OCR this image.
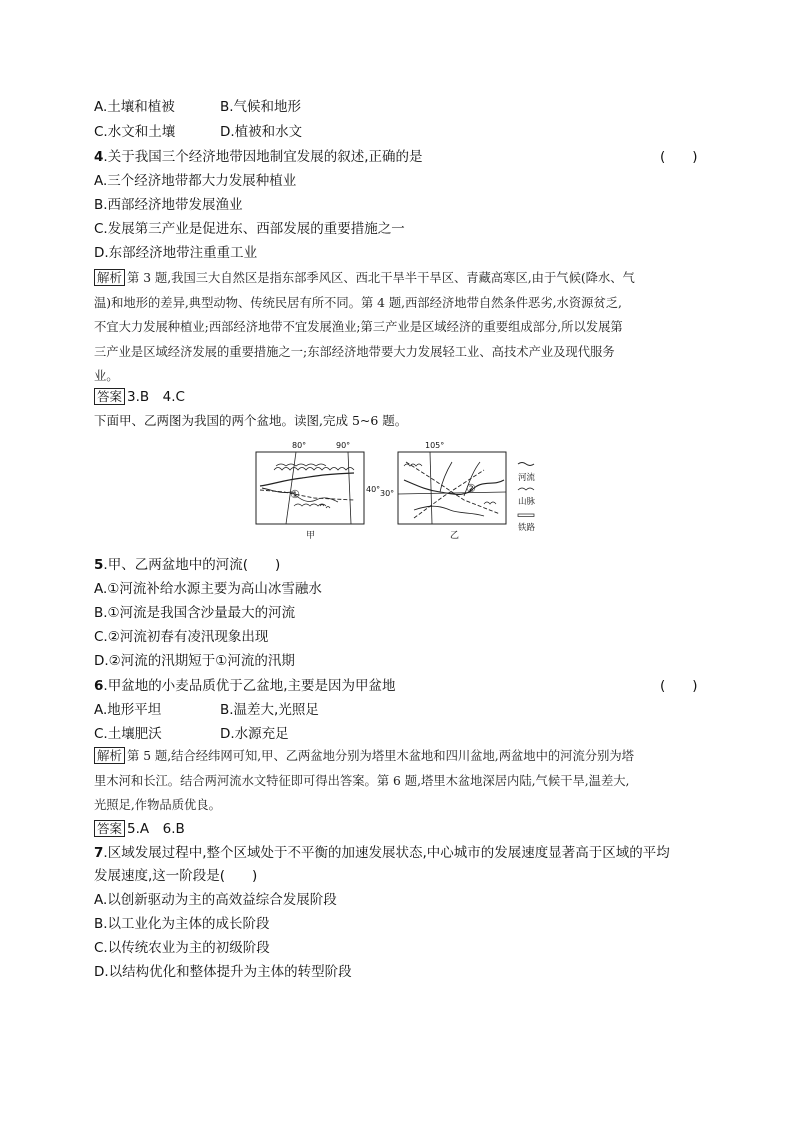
A.土壤和植被	B.气候和地形
C.水文和土壤	D.植被和水文
4.关于我国三个经济地带因地制宜发展的叙述,正确的是	(　　)
A.三个经济地带都大力发展种植业
B.西部经济地带发展渔业
C.发展第三产业是促进东、西部发展的重要措施之一
D.东部经济地带注重重工业
解析 第 3 题,我国三大自然区是指东部季风区、西北干旱半干旱区、青藏高寒区,由于气候(降水、气
温)和地形的差异,典型动物、传统民居有所不同。第 4 题,西部经济地带自然条件恶劣,水资源贫乏,
不宜大力发展种植业;西部经济地带不宜发展渔业;第三产业是区域经济的重要组成部分,所以发展第
三产业是区域经济发展的重要措施之一;东部经济地带要大力发展轻工业、高技术产业及现代服务
业。
答案 3.B　4.C
下面甲、乙两图为我国的两个盆地。读图,完成 5~6 题。
80°	90°
40°
①
甲
105°
30°	②
乙
河流
山脉
铁路
5.甲、乙两盆地中的河流(　　)
A.①河流补给水源主要为高山冰雪融水
B.①河流是我国含沙量最大的河流
C.②河流初春有凌汛现象出现
D.②河流的汛期短于①河流的汛期
6.甲盆地的小麦品质优于乙盆地,主要是因为甲盆地	(　　)
A.地形平坦	B.温差大,光照足
C.土壤肥沃	D.水源充足
解析 第 5 题,结合经纬网可知,甲、乙两盆地分别为塔里木盆地和四川盆地,两盆地中的河流分别为塔
里木河和长江。结合两河流水文特征即可得出答案。第 6 题,塔里木盆地深居内陆,气候干旱,温差大,
光照足,作物品质优良。
答案 5.A　6.B
7.区域发展过程中,整个区域处于不平衡的加速发展状态,中心城市的发展速度显著高于区域的平均
发展速度,这一阶段是(　　)
A.以创新驱动为主的高效益综合发展阶段
B.以工业化为主体的成长阶段
C.以传统农业为主的初级阶段
D.以结构优化和整体提升为主体的转型阶段
